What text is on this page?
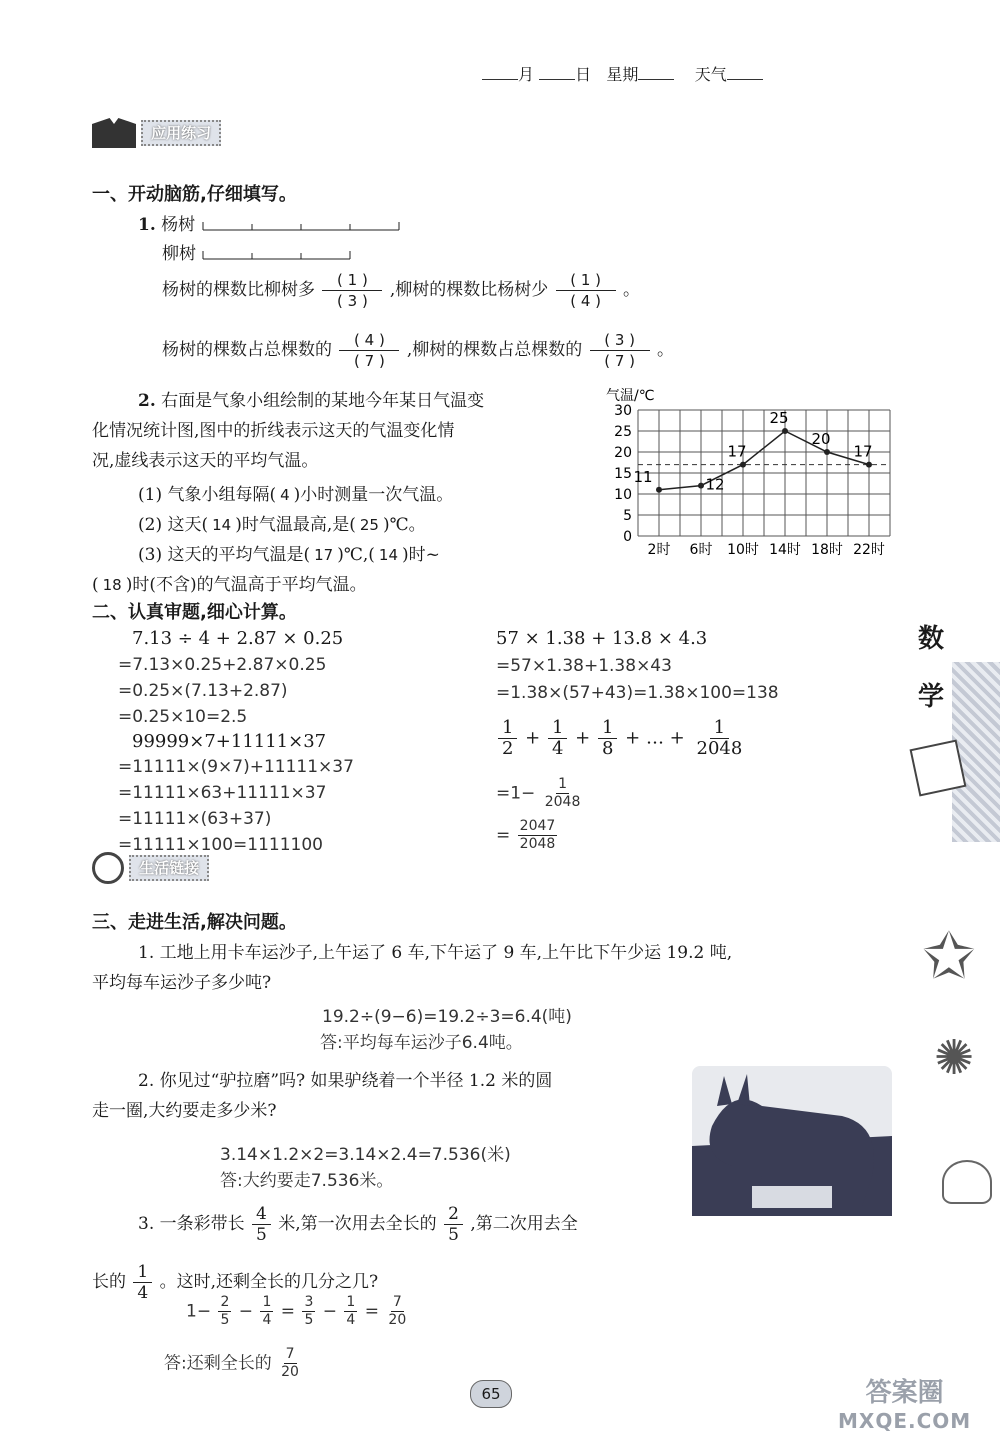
月	日 星期	天气
应用练习
一、开动脑筋,仔细填写。
1. 杨树
柳树
杨树的棵数比柳树多 $\frac{( 1 )}{( 3 )}$ ,柳树的棵数比杨树少 $\frac{( 1 )}{( 4 )}$ 。
杨树的棵数占总棵数的 $\frac{( 4 )}{( 7 )}$ ,柳树的棵数占总棵数的 $\frac{( 3 )}{( 7 )}$ 。
2. 右面是气象小组绘制的某地今年某日气温变
化情况统计图,图中的折线表示这天的气温变化情
况,虚线表示这天的平均气温。
(1) 气象小组每隔( 4 )小时测量一次气温。
(2) 这天( 14 )时气温最高,是( 25 )℃。
(3) 这天的平均气温是( 17 )℃,( 14 )时~
( 18 )时(不含)的气温高于平均气温。
气温/℃
0
5
10
15
20
25
30
2时 6时 10时 14时 18时 22时
11	12
17
25
20
17
二、认真审题,细心计算。
7.13 ÷ 4 + 2.87 × 0.25
=7.13×0.25+2.87×0.25
=0.25×(7.13+2.87)
=0.25×10=2.5
99999×7+11111×37
=11111×(9×7)+11111×37
=11111×63+11111×37
=11111×(63+37)
=11111×100=1111100
57 × 1.38 + 13.8 × 4.3
=57×1.38+1.38×43
=1.38×(57+43)=1.38×100=138
$\frac{1}{2} + \frac{1}{4} + \frac{1}{8}$ + … + $\frac{1}{2048}$
$=1- \frac{1}{2048}$
= $\frac{2047}{2048}$
生活链接
数
学
✩
✺
三、走进生活,解决问题。
1. 工地上用卡车运沙子,上午运了 6 车,下午运了 9 车,上午比下午少运 19.2 吨,
平均每车运沙子多少吨?
19.2÷(9−6)=19.2÷3=6.4(吨)
答:平均每车运沙子6.4吨。
2. 你见过“驴拉磨”吗? 如果驴绕着一个半径 1.2 米的圆
走一圈,大约要走多少米?
3.14×1.2×2=3.14×2.4=7.536(米)
答:大约要走7.536米。
3. 一条彩带长 $\frac{4}{5}$ 米,第一次用去全长的 $\frac{2}{5}$ ,第二次用去全
长的 $\frac{1}{4}$ 。这时,还剩全长的几分之几?
$1- \frac{2}{5} - \frac{1}{4} = \frac{3}{5} - \frac{1}{4} = \frac{7}{20}$
答:还剩全长的 $\frac{7}{20}$
65	答案圈
MXQE.COM
